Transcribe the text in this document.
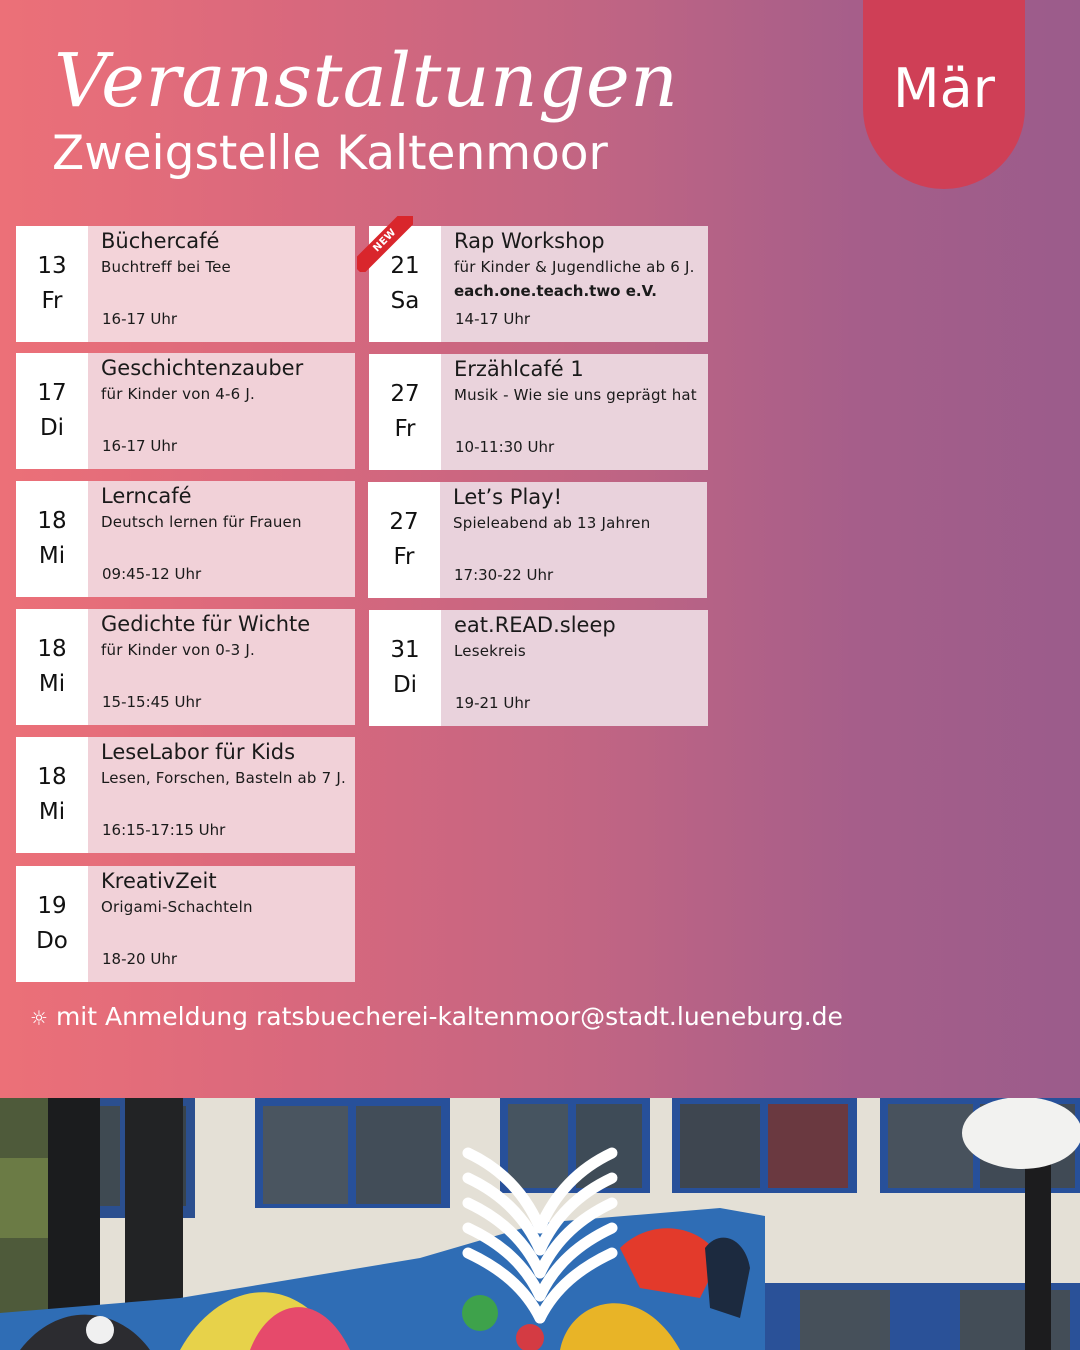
Veranstaltungen
Zweigstelle Kaltenmoor
Mär
13
Fr
Büchercafé
Buchtreff bei Tee
16-17 Uhr
17
Di
Geschichtenzauber
für Kinder von 4-6 J.
16-17 Uhr
18
Mi
Lerncafé
Deutsch lernen für Frauen
09:45-12 Uhr
18
Mi
Gedichte für Wichte
für Kinder von 0-3 J.
15-15:45 Uhr
18
Mi
LeseLabor für Kids
Lesen, Forschen, Basteln ab 7 J.
16:15-17:15 Uhr
19
Do
KreativZeit
Origami-Schachteln
18-20 Uhr
21
Sa
Rap Workshop
für Kinder & Jugendliche ab 6 J.
each.one.teach.two e.V.
14-17 Uhr
NEW
27
Fr
Erzählcafé 1
Musik - Wie sie uns geprägt hat
10-11:30 Uhr
27
Fr
Let’s Play!
Spieleabend ab 13 Jahren
17:30-22 Uhr
31
Di
eat.READ.sleep
Lesekreis
19-21 Uhr
☼ mit Anmeldung ratsbuecherei-kaltenmoor@stadt.lueneburg.de
